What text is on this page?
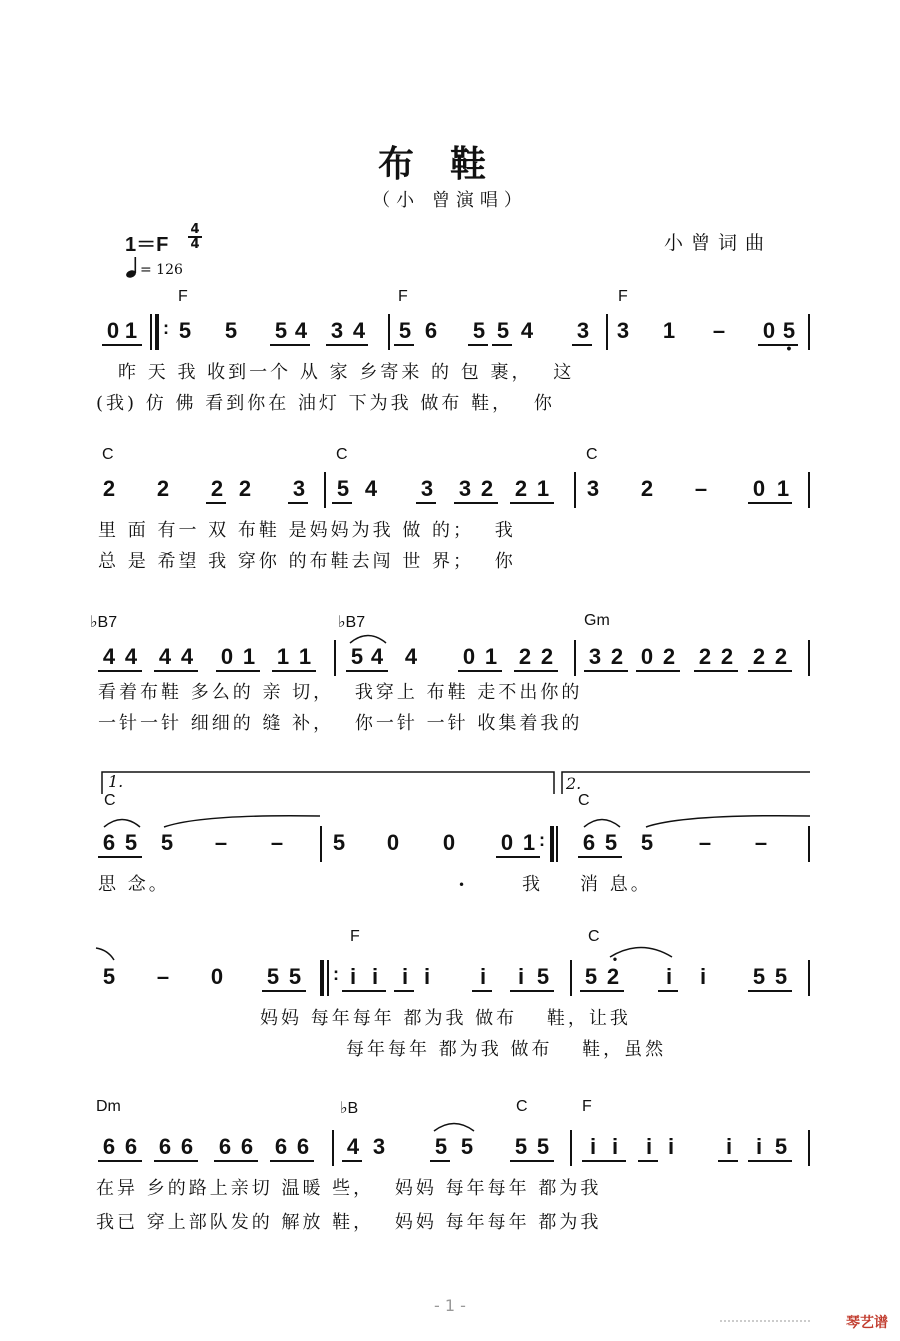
布鞋
（小 曾演唱）
1＝F
4
4
= 126
小曾词曲
F	F	F
0 1 : 5 5 5 4 3 4 5 6 5 5 4 3 3 1 – 0 5
•
昨 天 我 收到一个 从 家 乡寄来 的 包 裹，　 这
(我) 仿 佛 看到你在 油灯 下为我 做布 鞋，　 你
C	C	C
2 2 2 2 3 5 4 3 3 2 2 1 3 2 – 0 1
里 面 有一 双 布鞋 是妈妈为我 做 的；　 我
总 是 希望 我 穿你 的布鞋去闯 世 界；　 你
♭B7	♭B7	Gm
4 4 4 4 0 1 1 1 5 4 4 0 1 2 2 3 2 0 2 2 2 2 2
看着布鞋 多么的 亲 切，　 我穿上 布鞋 走不出你的
一针一针 细细的 缝 补，　 你一针 一针 收集着我的
1.	2.
C	C
6 5 5 – – 5 0 0 0 1 : 6 5 5 – –
思 念。	•	我 消 息。
F	C
5 – 0 5 5 : i i	i i	i	i 5 5 2
•
i	i	5 5
妈妈 每年每年 都为我 做布　 鞋，让我
每年每年 都为我 做布　 鞋，虽然
Dm	♭B	C	F
6 6 6 6 6 6 6 6 4 3 5 5 5 5	i i	i i	i	i 5
在异 乡的路上亲切 温暖 些，　 妈妈 每年每年 都为我
我已 穿上部队发的 解放 鞋，　 妈妈 每年每年 都为我
- 1 -
琴艺谱
